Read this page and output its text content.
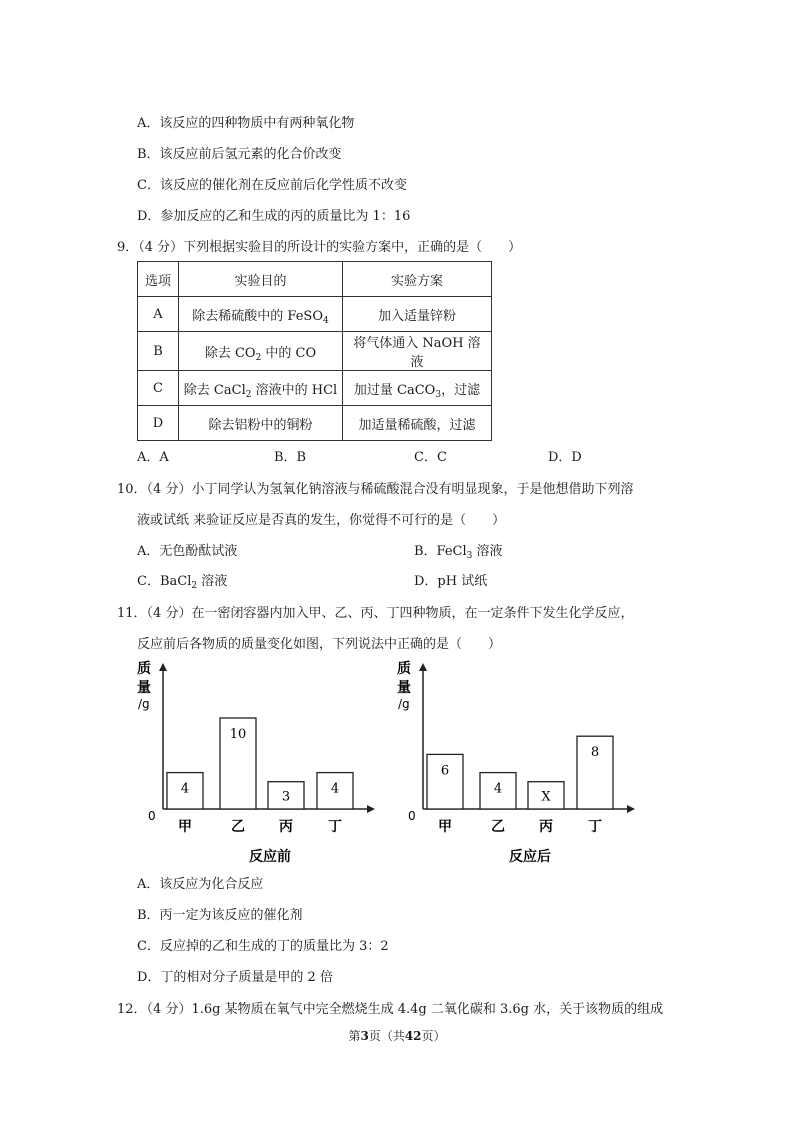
A．该反应的四种物质中有两种氧化物
B．该反应前后氢元素的化合价改变
C．该反应的催化剂在反应前后化学性质不改变
D．参加反应的乙和生成的丙的质量比为 1：16
9．（4 分）下列根据实验目的所设计的实验方案中，正确的是（　　）
选项	实验目的	实验方案
A	除去稀硫酸中的 FeSO$_4$	加入适量锌粉
B	除去 $CO_2$ 中的 CO	将气体通入 NaOH 溶液
C	除去 CaCl$_2$ 溶液中的 HCl	加过量 CaCO$_3$，过滤
D	除去铝粉中的铜粉	加适量稀硫酸，过滤
A．A	B．B	C．C	D．D
10．（4 分）小丁同学认为氢氧化钠溶液与稀硫酸混合没有明显现象，于是他想借助下列溶
液或试纸 来验证反应是否真的发生，你觉得不可行的是（　　）
A．无色酚酞试液	B．FeCl$_3$ 溶液
C．BaCl$_2$ 溶液	D．pH 试纸
11．（4 分）在一密闭容器内加入甲、乙、丙、丁四种物质，在一定条件下发生化学反应，
反应前后各物质的质量变化如图，下列说法中正确的是（　　）
质
量
/g
0
4
甲
10
乙
3
丙
4
丁
反应前
质
量
/g
0
6
甲
4
乙
X
丙
8
丁
反应后
A．该反应为化合反应
B．丙一定为该反应的催化剂
C．反应掉的乙和生成的丁的质量比为 3：2
D．丁的相对分子质量是甲的 2 倍
12．（4 分）1.6g 某物质在氧气中完全燃烧生成 4.4g 二氧化碳和 3.6g 水，关于该物质的组成
第3页（共42页）
